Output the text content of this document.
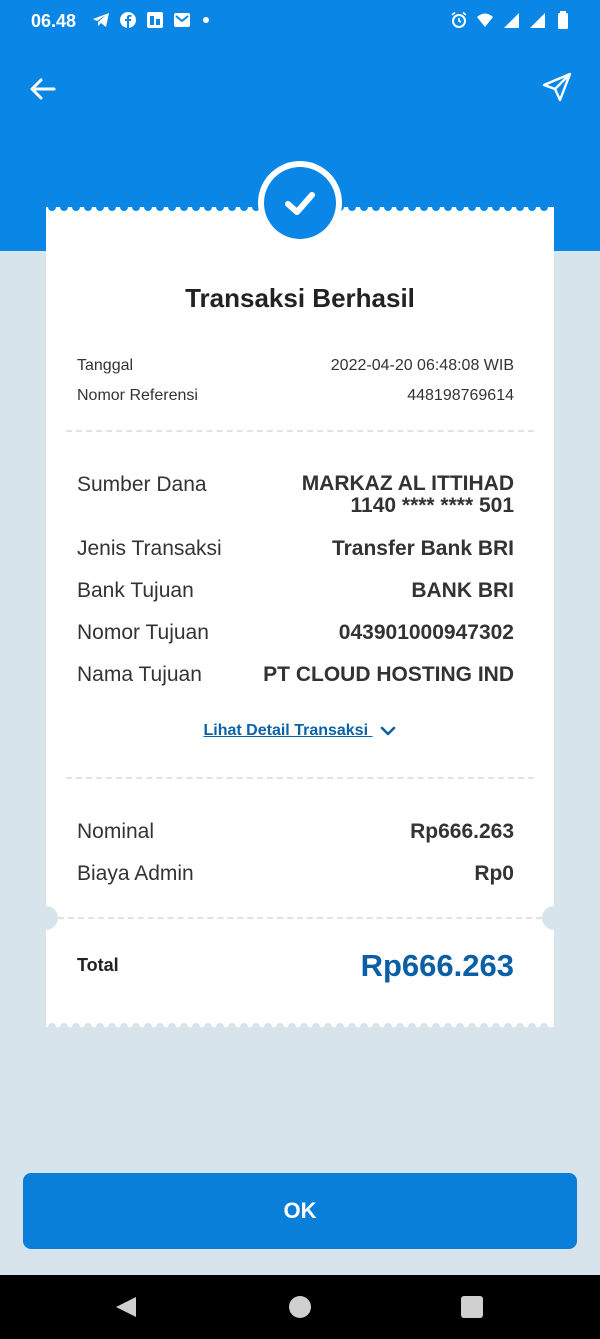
06.48
Transaksi Berhasil
Tanggal	2022-04-20 06:48:08 WIB
Nomor Referensi	448198769614
Sumber Dana	MARKAZ AL ITTIHAD
1140 **** **** 501
Jenis Transaksi	Transfer Bank BRI
Bank Tujuan	BANK BRI
Nomor Tujuan	043901000947302
Nama Tujuan	PT CLOUD HOSTING IND
Lihat Detail Transaksi
Nominal	Rp666.263
Biaya Admin	Rp0
Total	Rp666.263
OK
